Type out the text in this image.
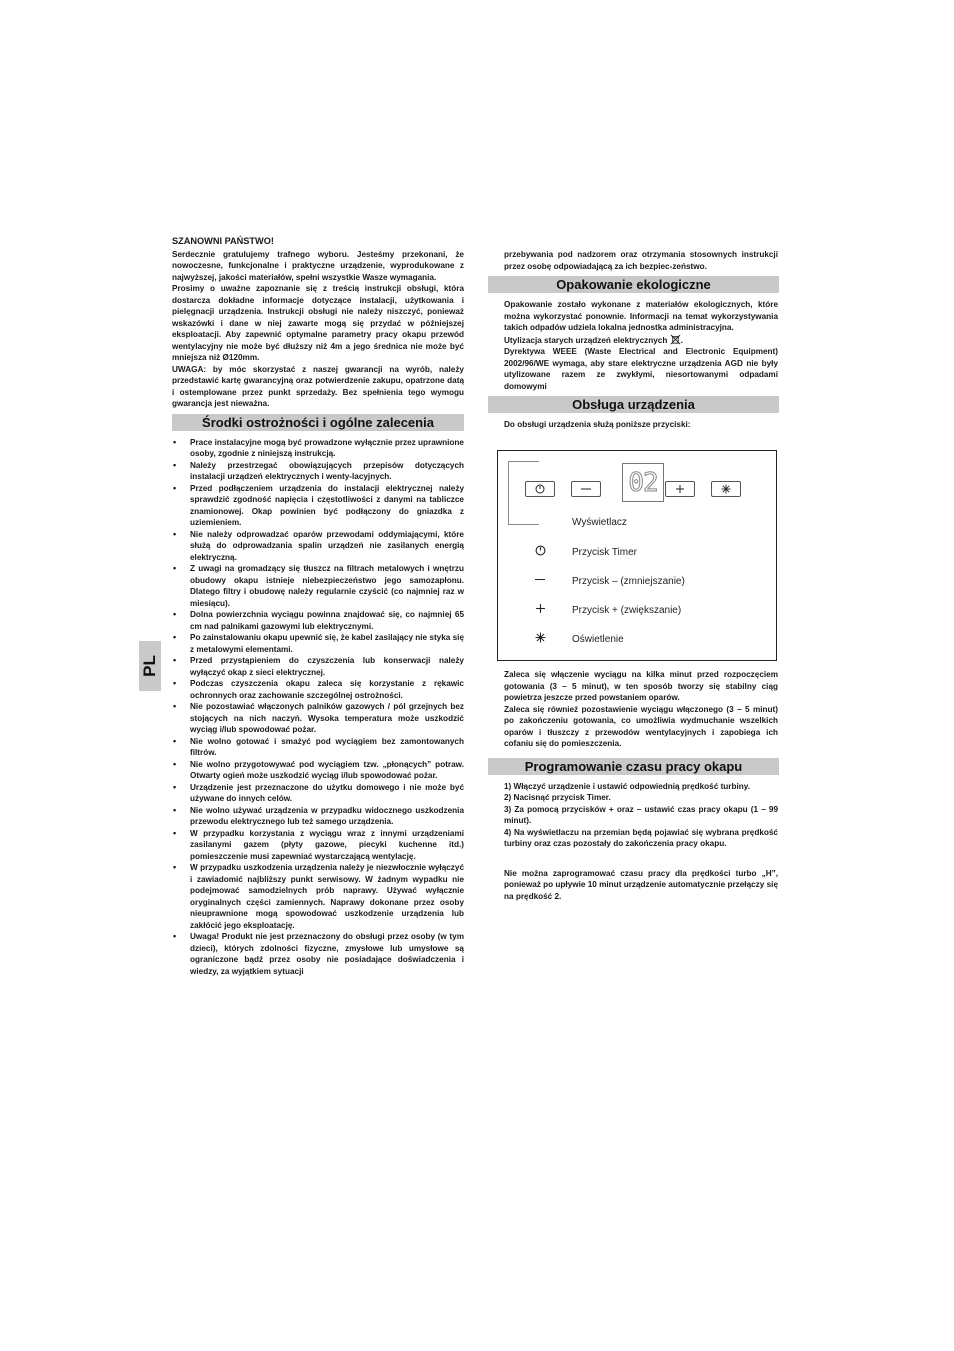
PL
SZANOWNI PAŃSTWO!

Serdecznie gratulujemy trafnego wyboru. Jesteśmy przekonani, że nowoczesne, funkcjonalne i praktyczne urządzenie, wyprodukowane z najwyższej, jakości materiałów, spełni wszystkie Wasze wymagania.

Prosimy o uważne zapoznanie się z treścią instrukcji obsługi, która dostarcza dokładne informacje dotyczące instalacji, użytkowania i pielęgnacji urządzenia. Instrukcji obsługi nie należy niszczyć, ponieważ wskazówki i dane w niej zawarte mogą się przydać w późniejszej eksploatacji. Aby zapewnić optymalne parametry pracy okapu przewód wentylacyjny nie może być dłuższy niż 4m a jego średnica nie może być mniejsza niż Ø120mm.

UWAGA: by móc skorzystać z naszej gwarancji na wyrób, należy przedstawić kartę gwarancyjną oraz potwierdzenie zakupu, opatrzone datą i ostemplowane przez punkt sprzedaży. Bez spełnienia tego wymogu gwarancja jest nieważna.

Środki ostrożności i ogólne zalecenia
• Prace instalacyjne mogą być prowadzone wyłącznie przez uprawnione osoby, zgodnie z niniejszą instrukcją.
• Należy przestrzegać obowiązujących przepisów dotyczących instalacji urządzeń elektrycznych i wenty-lacyjnych.
• Przed podłączeniem urządzenia do instalacji elektrycznej należy sprawdzić zgodność napięcia i częstotliwości z danymi na tabliczce znamionowej. Okap powinien być podłączony do gniazdka z uziemieniem.
• Nie należy odprowadzać oparów przewodami oddymiającymi, które służą do odprowadzania spalin urządzeń nie zasilanych energią elektryczną.
• Z uwagi na gromadzący się tłuszcz na filtrach metalowych i wnętrzu obudowy okapu istnieje niebezpieczeństwo jego samozapłonu. Dlatego filtry i obudowę należy regularnie czyścić (co najmniej raz w miesiącu).
• Dolna powierzchnia wyciągu powinna znajdować się, co najmniej 65 cm nad palnikami gazowymi lub elektrycznymi.
• Po zainstalowaniu okapu upewnić się, że kabel zasilający nie styka się z metalowymi elementami.
• Przed przystąpieniem do czyszczenia lub konserwacji należy wyłączyć okap z sieci elektrycznej.
• Podczas czyszczenia okapu zaleca się korzystanie z rękawic ochronnych oraz zachowanie szczególnej ostrożności.
• Nie pozostawiać włączonych palników gazowych / pól grzejnych bez stojących na nich naczyń. Wysoka temperatura może uszkodzić wyciąg i/lub spowodować pożar.
• Nie wolno gotować i smażyć pod wyciągiem bez zamontowanych filtrów.
• Nie wolno przygotowywać pod wyciągiem tzw. „płonących” potraw. Otwarty ogień może uszkodzić wyciąg i/lub spowodować pożar.
• Urządzenie jest przeznaczone do użytku domowego i nie może być używane do innych celów.
• Nie wolno używać urządzenia w przypadku widocznego uszkodzenia przewodu elektrycznego lub też samego urządzenia.
• W przypadku korzystania z wyciągu wraz z innymi urządzeniami zasilanymi gazem (płyty gazowe, piecyki kuchenne itd.) pomieszczenie musi zapewniać wystarczającą wentylację.
• W przypadku uszkodzenia urządzenia należy je niezwłocznie wyłączyć i zawiadomić najbliższy punkt serwisowy. W żadnym wypadku nie podejmować samodzielnych prób naprawy. Używać wyłącznie oryginalnych części zamiennych. Naprawy dokonane przez osoby nieuprawnione mogą spowodować uszkodzenie urządzenia lub zakłócić jego eksploatację.
• Uwaga! Produkt nie jest przeznaczony do obsługi przez osoby (w tym dzieci), których zdolności fizyczne, zmysłowe lub umysłowe są ograniczone bądź przez osoby nie posiadające doświadczenia i wiedzy, za wyjątkiem sytuacji

przebywania pod nadzorem oraz otrzymania stosownych instrukcji przez osobę odpowiadającą za ich bezpiec-zeństwo.

Opakowanie ekologiczne

Opakowanie zostało wykonane z materiałów ekologicznych, które można wykorzystać ponownie. Informacji na temat wykorzystywania takich odpadów udziela lokalna jednostka administracyjna.

Utylizacja starych urządzeń elektrycznych .

Dyrektywa WEEE (Waste Electrical and Electronic Equipment) 2002/96/WE wymaga, aby stare elektryczne urządzenia AGD nie były utylizowane razem ze zwykłymi, niesortowanymi odpadami domowymi

Obsługa urządzenia

Do obsługi urządzenia służą poniższe przyciski:

02
Wyświetlacz
Przycisk Timer
Przycisk – (zmniejszanie)
Przycisk + (zwiększanie)
Oświetlenie

Zaleca się włączenie wyciągu na kilka minut przed rozpoczęciem gotowania (3 – 5 minut), w ten sposób tworzy się stabilny ciąg powietrza jeszcze przed powstaniem oparów.

Zaleca się również pozostawienie wyciągu włączonego (3 – 5 minut) po zakończeniu gotowania, co umożliwia wydmuchanie wszelkich oparów i tłuszczy z przewodów wentylacyjnych i zapobiega ich cofaniu się do pomieszczenia.

Programowanie czasu pracy okapu

1) Włączyć urządzenie i ustawić odpowiednią prędkość turbiny.

2) Nacisnąć przycisk Timer.

3) Za pomocą przycisków + oraz – ustawić czas pracy okapu (1 – 99 minut).

4) Na wyświetlaczu na przemian będą pojawiać się wybrana prędkość turbiny oraz czas pozostały do zakończenia pracy okapu.

Nie można zaprogramować czasu pracy dla prędkości turbo „H”, ponieważ po upływie 10 minut urządzenie automatycznie przełączy się na prędkość 2.
